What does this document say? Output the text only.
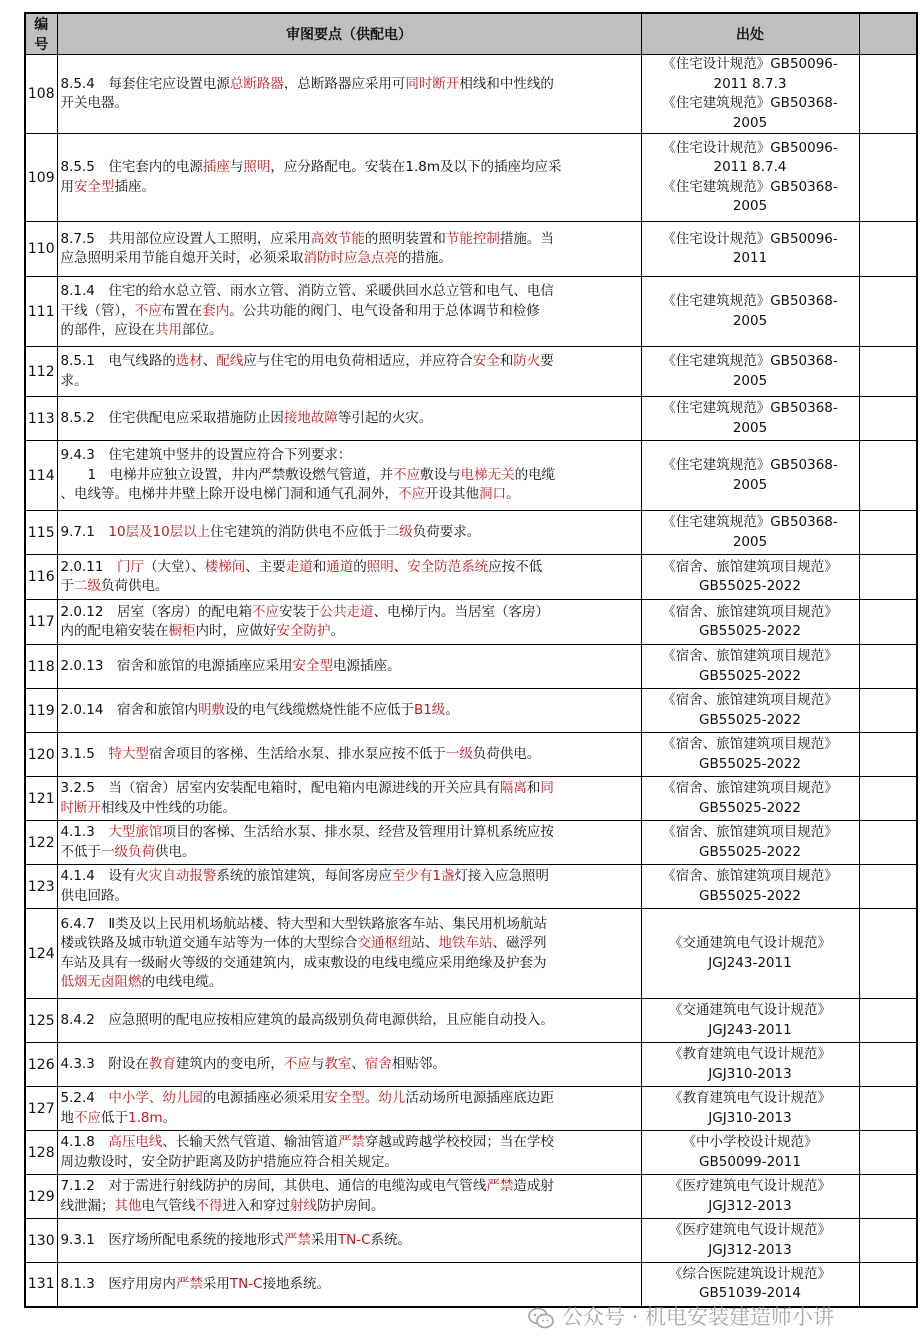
编号	审图要点（供配电）	出处	
108	8.5.4　每套住宅应设置电源总断路器，总断路器应采用可同时断开相线和中性线的
开关电器。	《住宅设计规范》GB50096-
2011 8.7.3
《住宅建筑规范》GB50368-
2005	

109	8.5.5　住宅套内的电源插座与照明，应分路配电。安装在1.8m及以下的插座均应采
用安全型插座。	《住宅设计规范》GB50096-
2011 8.7.4
《住宅建筑规范》GB50368-
2005	

110	8.7.5　共用部位应设置人工照明，应采用高效节能的照明装置和节能控制措施。当
应急照明采用节能自熄开关时，必须采取消防时应急点亮的措施。	《住宅设计规范》GB50096-
2011	

111	8.1.4　住宅的给水总立管、雨水立管、消防立管、采暖供回水总立管和电气、电信
干线（管），不应布置在套内。公共功能的阀门、电气设备和用于总体调节和检修
的部件，应设在共用部位。	《住宅建筑规范》GB50368-
2005	

112	8.5.1　电气线路的选材、配线应与住宅的用电负荷相适应，并应符合安全和防火要
求。	《住宅建筑规范》GB50368-
2005	

113	8.5.2　住宅供配电应采取措施防止因接地故障等引起的火灾。	《住宅建筑规范》GB50368-
2005	

114	9.4.3　住宅建筑中竖井的设置应符合下列要求：
　　1　电梯井应独立设置，井内严禁敷设燃气管道，并不应敷设与电梯无关的电缆
、电线等。电梯井井壁上除开设电梯门洞和通气孔洞外，不应开设其他洞口。	《住宅建筑规范》GB50368-
2005	

115	9.7.1　10层及10层以上住宅建筑的消防供电不应低于二级负荷要求。	《住宅建筑规范》GB50368-
2005	

116	2.0.11　门厅（大堂）、楼梯间、主要走道和通道的照明、安全防范系统应按不低
于二级负荷供电。	《宿舍、旅馆建筑项目规范》
GB55025-2022	

117	2.0.12　居室（客房）的配电箱不应安装于公共走道、电梯厅内。当居室（客房）
内的配电箱安装在橱柜内时，应做好安全防护。	《宿舍、旅馆建筑项目规范》
GB55025-2022	

118	2.0.13　宿舍和旅馆的电源插座应采用安全型电源插座。	《宿舍、旅馆建筑项目规范》
GB55025-2022	

119	2.0.14　宿舍和旅馆内明敷设的电气线缆燃烧性能不应低于B1级。	《宿舍、旅馆建筑项目规范》
GB55025-2022	

120	3.1.5　特大型宿舍项目的客梯、生活给水泵、排水泵应按不低于一级负荷供电。	《宿舍、旅馆建筑项目规范》
GB55025-2022	

121	3.2.5　当（宿舍）居室内安装配电箱时，配电箱内电源进线的开关应具有隔离和同
时断开相线及中性线的功能。	《宿舍、旅馆建筑项目规范》
GB55025-2022	

122	4.1.3　大型旅馆项目的客梯、生活给水泵、排水泵、经营及管理用计算机系统应按
不低于一级负荷供电。	《宿舍、旅馆建筑项目规范》
GB55025-2022	

123	4.1.4　设有火灾自动报警系统的旅馆建筑，每间客房应至少有1盏灯接入应急照明
供电回路。	《宿舍、旅馆建筑项目规范》
GB55025-2022	

124	6.4.7　Ⅱ类及以上民用机场航站楼、特大型和大型铁路旅客车站、集民用机场航站
楼或铁路及城市轨道交通车站等为一体的大型综合交通枢纽站、地铁车站、磁浮列
车站及具有一级耐火等级的交通建筑内，成束敷设的电线电缆应采用绝缘及护套为
低烟无卤阻燃的电线电缆。	《交通建筑电气设计规范》
JGJ243-2011	

125	8.4.2　应急照明的配电应按相应建筑的最高级别负荷电源供给，且应能自动投入。	《交通建筑电气设计规范》
JGJ243-2011	

126	4.3.3　附设在教育建筑内的变电所，不应与教室、宿舍相贴邻。	《教育建筑电气设计规范》
JGJ310-2013	

127	5.2.4　中小学、幼儿园的电源插座必须采用安全型。幼儿活动场所电源插座底边距
地不应低于1.8m。	《教育建筑电气设计规范》
JGJ310-2013	

128	4.1.8　高压电线、长输天然气管道、输油管道严禁穿越或跨越学校校园；当在学校
周边敷设时，安全防护距离及防护措施应符合相关规定。	《中小学校设计规范》
GB50099-2011	

129	7.1.2　对于需进行射线防护的房间，其供电、通信的电缆沟或电气管线严禁造成射
线泄漏；其他电气管线不得进入和穿过射线防护房间。	《医疗建筑电气设计规范》
JGJ312-2013	

130	9.3.1　医疗场所配电系统的接地形式严禁采用TN-C系统。	《医疗建筑电气设计规范》
JGJ312-2013	

131	8.1.3　医疗用房内严禁采用TN-C接地系统。	《综合医院建筑设计规范》
GB51039-2014	

公众号 · 机电安装建造师小讲
